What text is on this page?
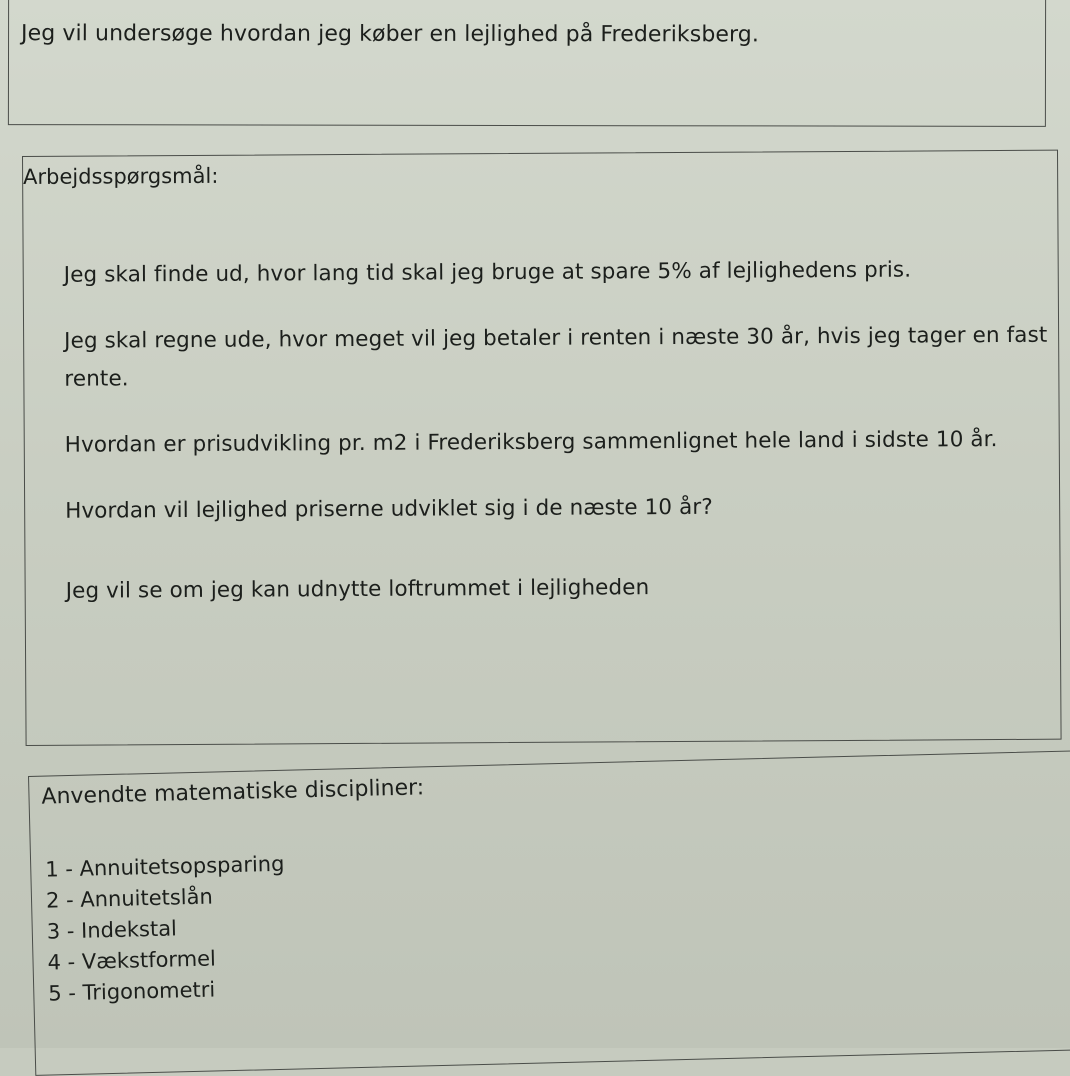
Jeg vil undersøge hvordan jeg køber en lejlighed på Frederiksberg.
Arbejdsspørgsmål:
Jeg skal finde ud, hvor lang tid skal jeg bruge at spare 5% af lejlighedens pris.
Jeg skal regne ude, hvor meget vil jeg betaler i renten i næste 30 år, hvis jeg tager en fast rente.
Hvordan er prisudvikling pr. m2 i Frederiksberg sammenlignet hele land i sidste 10 år.
Hvordan vil lejlighed priserne udviklet sig i de næste 10 år?
Jeg vil se om jeg kan udnytte loftrummet i lejligheden
Anvendte matematiske discipliner:
1 - Annuitetsopsparing
2 - Annuitetslån
3 - Indekstal
4 - Vækstformel
5 - Trigonometri
